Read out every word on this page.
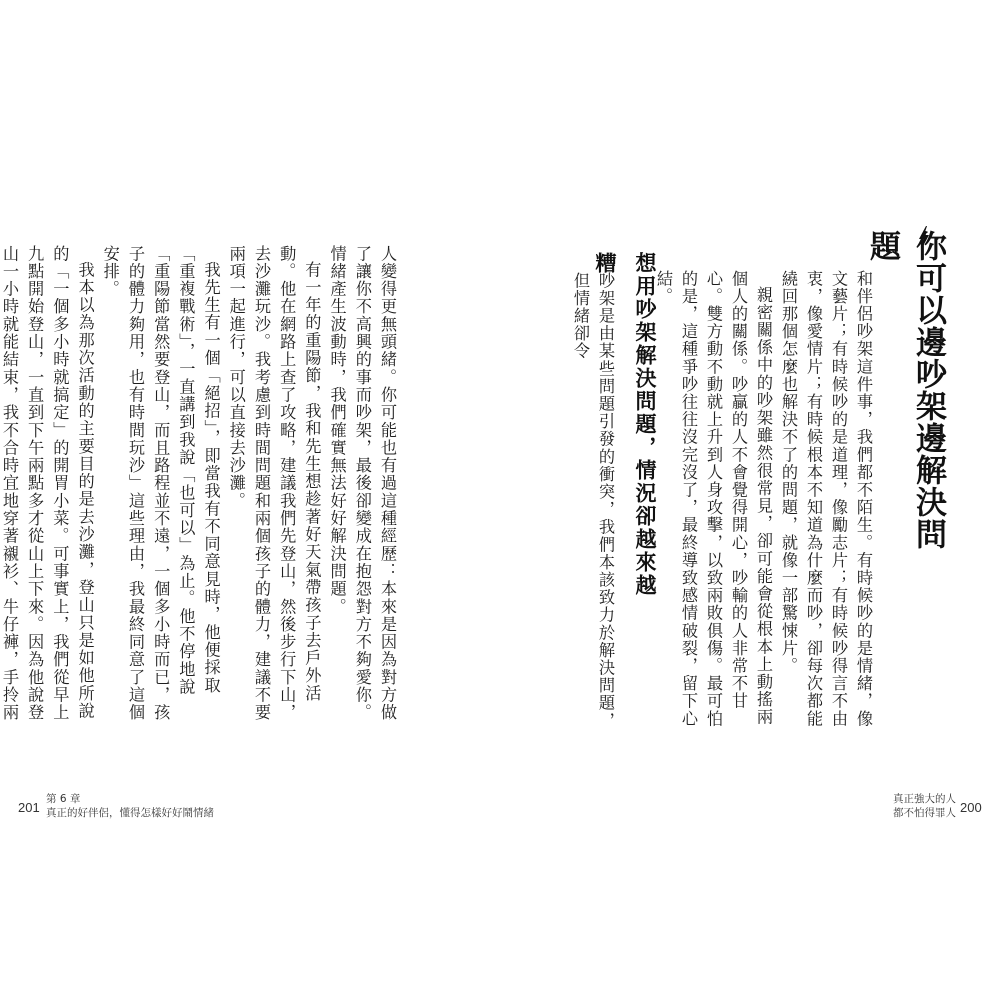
你可以邊吵架邊解決問題

和伴侶吵架這件事，我們都不陌生。有時候吵的是情緒，像文藝片；有時候吵的是道理，像勵志片；有時候吵得言不由衷，像愛情片；有時候根本不知道為什麼而吵，卻每次都能繞回那個怎麼也解決不了的問題，就像一部驚悚片。

親密關係中的吵架雖然很常見，卻可能會從根本上動搖兩個人的關係。吵贏的人不會覺得開心，吵輸的人非常不甘心。雙方動不動就上升到人身攻擊，以致兩敗俱傷。最可怕的是，這種爭吵往往沒完沒了，最終導致感情破裂，留下心結。

想用吵架解決問題，情況卻越來越糟

吵架是由某些問題引發的衝突，我們本該致力於解決問題，但情緒卻令

人變得更無頭緒。你可能也有過這種經歷：本來是因為對方做了讓你不高興的事而吵架，最後卻變成在抱怨對方不夠愛你。情緒產生波動時，我們確實無法好好解決問題。

有一年的重陽節，我和先生想趁著好天氣帶孩子去戶外活動。他在網路上查了攻略，建議我們先登山，然後步行下山，去沙灘玩沙。我考慮到時間問題和兩個孩子的體力，建議不要兩項一起進行，可以直接去沙灘。

我先生有一個「絕招」，即當我有不同意見時，他便採取「重複戰術」，一直講到我說「也可以」為止。他不停地說「重陽節當然要登山，而且路程並不遠，一個多小時而已，孩子的體力夠用，也有時間玩沙」這些理由，我最終同意了這個安排。

我本以為那次活動的主要目的是去沙灘，登山只是如他所說的「一個多小時就搞定」的開胃小菜。可事實上，我們從早上九點開始登山，一直到下午兩點多才從山上下來。因為他說登山一小時就能結束，我不合時宜地穿著襯衫、牛仔褲，手拎兩

201
第 6 章
真正的好伴侶，懂得怎樣好好鬧情緒
真正強大的人
都不怕得罪人 200
